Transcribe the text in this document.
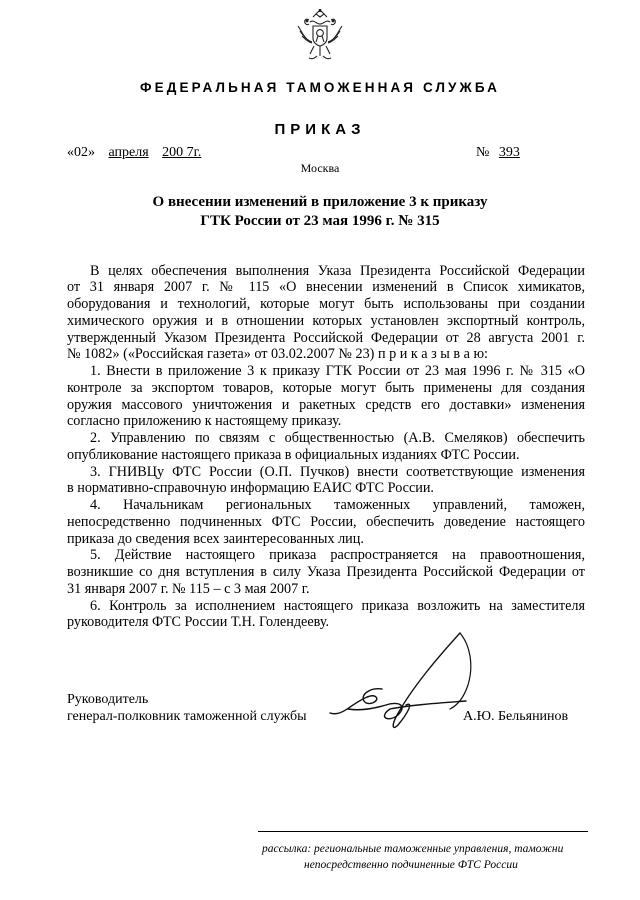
ФЕДЕРАЛЬНАЯ ТАМОЖЕННАЯ СЛУЖБА
ПРИКАЗ
«02» апреля 200 7г.	№ 393
Москва
О внесении изменений в приложение 3 к приказу
ГТК России от 23 мая 1996 г. № 315
В целях обеспечения выполнения Указа Президента Российской Федерации
от 31 января 2007 г. № 115 «О внесении изменений в Список химикатов,
оборудования и технологий, которые могут быть использованы при создании
химического оружия и в отношении которых установлен экспортный контроль,
утвержденный Указом Президента Российской Федерации от 28 августа 2001 г.
№ 1082» («Российская газета» от 03.02.2007 № 23) п р и к а з ы в а ю:
1. Внести в приложение 3 к приказу ГТК России от 23 мая 1996 г. № 315 «О
контроле за экспортом товаров, которые могут быть применены для создания
оружия массового уничтожения и ракетных средств его доставки» изменения
согласно приложению к настоящему приказу.
2. Управлению по связям с общественностью (А.В. Смеляков) обеспечить
опубликование настоящего приказа в официальных изданиях ФТС России.
3. ГНИВЦу ФТС России (О.П. Пучков) внести соответствующие изменения
в нормативно-справочную информацию ЕАИС ФТС России.
4. Начальникам региональных таможенных управлений, таможен,
непосредственно подчиненных ФТС России, обеспечить доведение настоящего
приказа до сведения всех заинтересованных лиц.
5. Действие настоящего приказа распространяется на правоотношения,
возникшие со дня вступления в силу Указа Президента Российской Федерации от
31 января 2007 г. № 115 – с 3 мая 2007 г.
6. Контроль за исполнением настоящего приказа возложить на заместителя
руководителя ФТС России Т.Н. Голендееву.
Руководитель
генерал-полковник таможенной службы	А.Ю. Бельянинов
рассылка: региональные таможенные управления, таможни
непосредственно подчиненные ФТС России
